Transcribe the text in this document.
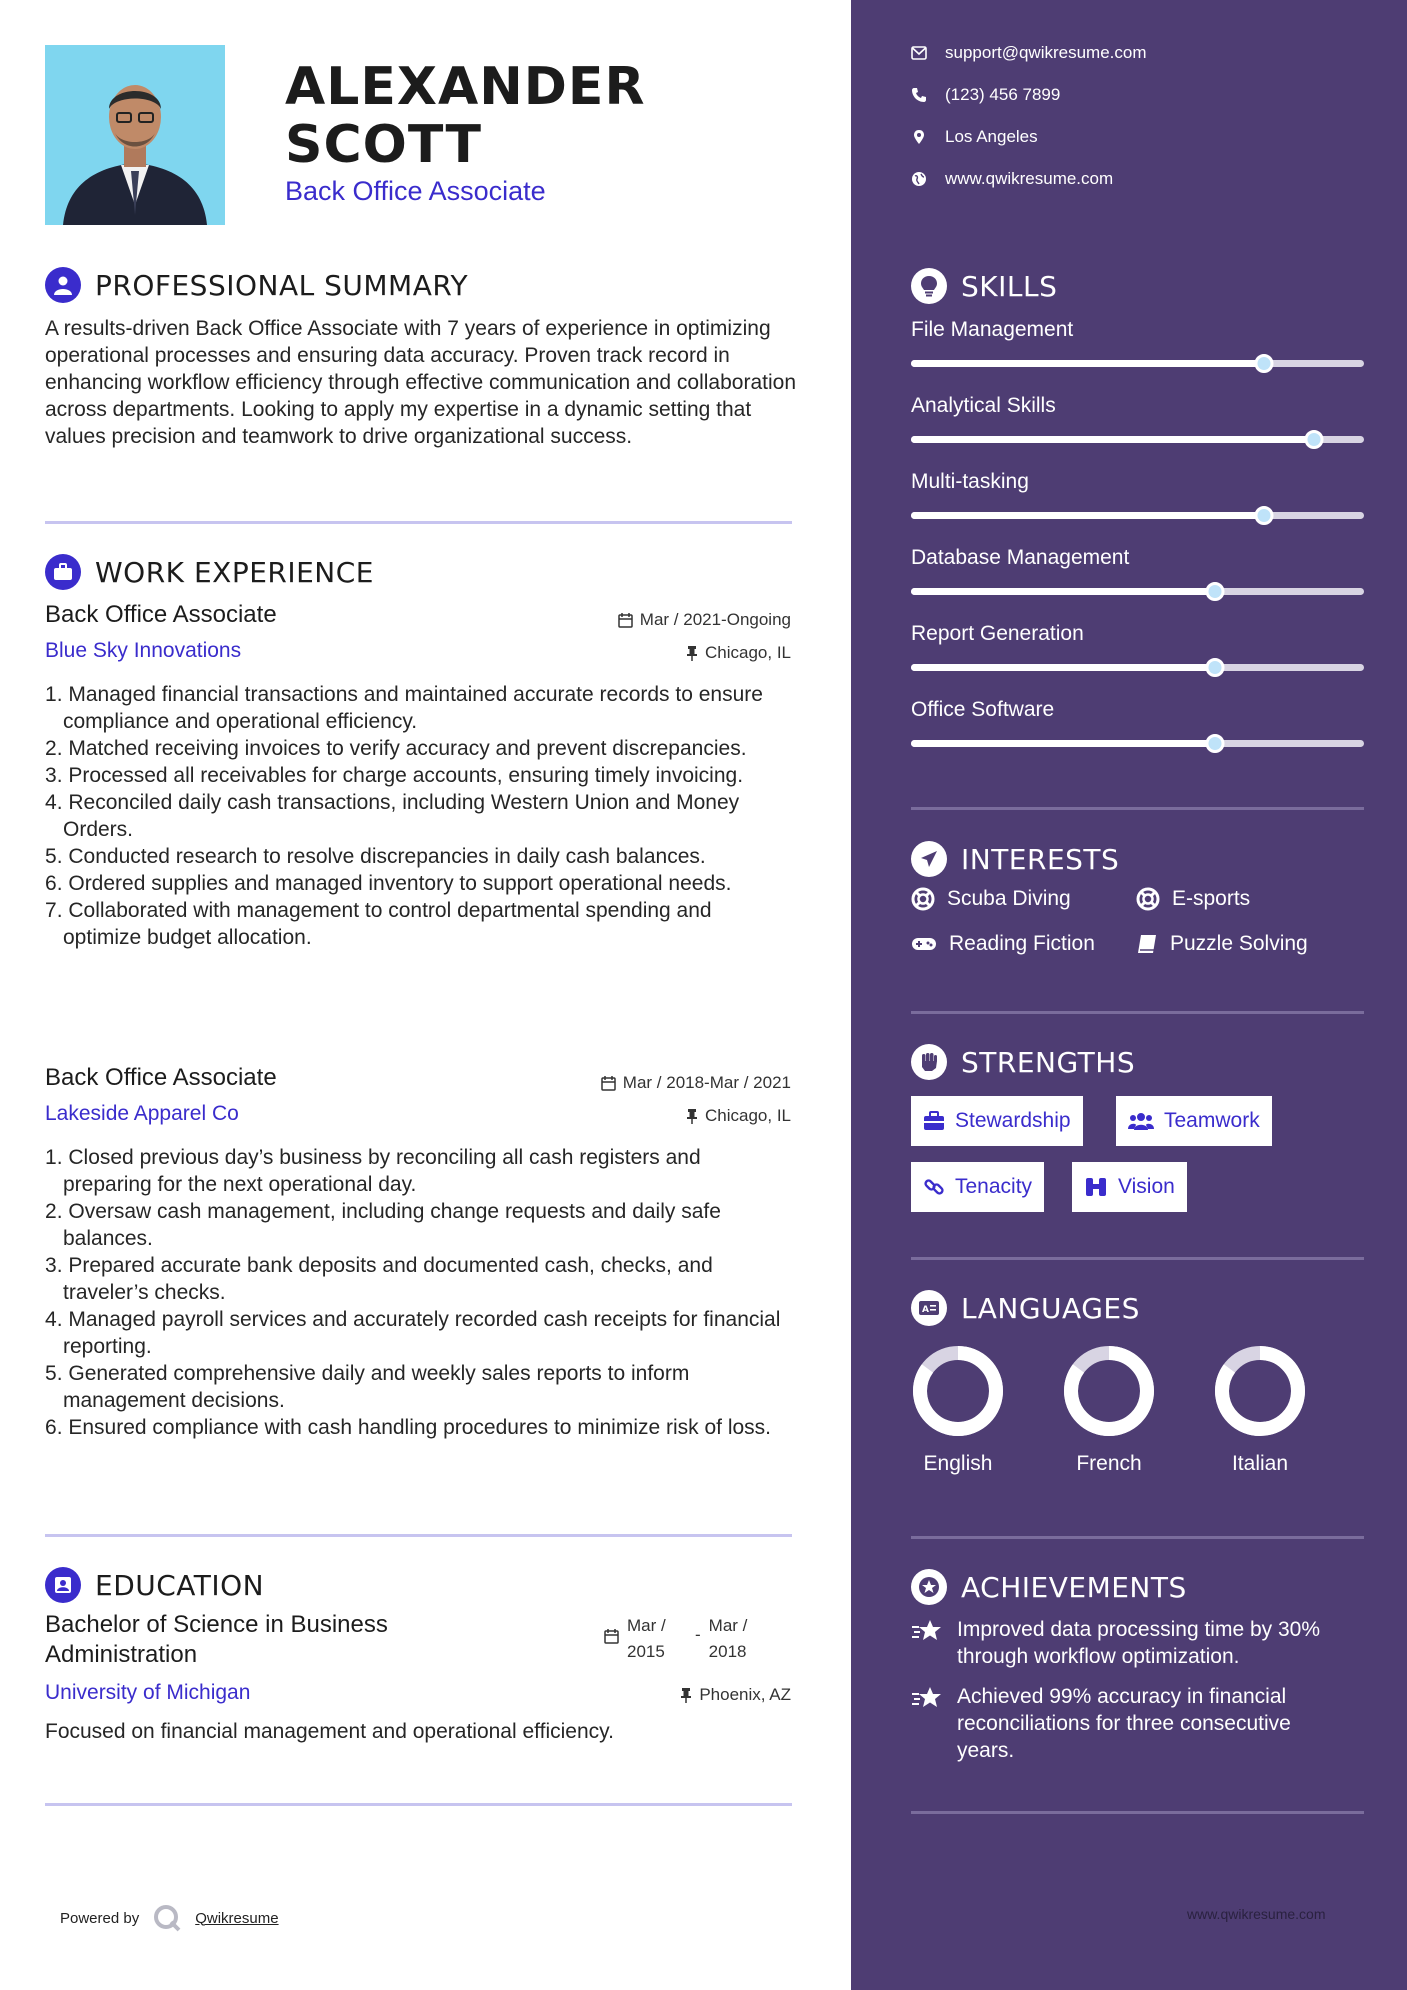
ALEXANDER
SCOTT
Back Office Associate
PROFESSIONAL SUMMARY
A results-driven Back Office Associate with 7 years of experience in optimizing operational processes and ensuring data accuracy. Proven track record in enhancing workflow efficiency through effective communication and collaboration across departments. Looking to apply my expertise in a dynamic setting that values precision and teamwork to drive organizational success.
WORK EXPERIENCE
Back Office Associate	Mar / 2021-Ongoing
Blue Sky Innovations	Chicago, IL
Managed financial transactions and maintained accurate records to ensure compliance and operational efficiency.
Matched receiving invoices to verify accuracy and prevent discrepancies.
Processed all receivables for charge accounts, ensuring timely invoicing.
Reconciled daily cash transactions, including Western Union and Money Orders.
Conducted research to resolve discrepancies in daily cash balances.
Ordered supplies and managed inventory to support operational needs.
Collaborated with management to control departmental spending and optimize budget allocation.
Back Office Associate	Mar / 2018-Mar / 2021
Lakeside Apparel Co	Chicago, IL
Closed previous day’s business by reconciling all cash registers and preparing for the next operational day.
Oversaw cash management, including change requests and daily safe balances.
Prepared accurate bank deposits and documented cash, checks, and traveler’s checks.
Managed payroll services and accurately recorded cash receipts for financial reporting.
Generated comprehensive daily and weekly sales reports to inform management decisions.
Ensured compliance with cash handling procedures to minimize risk of loss.
EDUCATION
Bachelor of Science in Business Administration
Mar / 2015
- Mar / 2018
University of Michigan	Phoenix, AZ
Focused on financial management and operational efficiency.
Powered by	Qwikresume
support@qwikresume.com
(123) 456 7899
Los Angeles
www.qwikresume.com
SKILLS
File Management
Analytical Skills
Multi-tasking
Database Management
Report Generation
Office Software
INTERESTS
Scuba Diving	E-sports
Reading Fiction	Puzzle Solving
STRENGTHS
Stewardship	Teamwork
Tenacity	Vision
A LANGUAGES
English	French	Italian
ACHIEVEMENTS
Improved data processing time by 30% through workflow optimization.
Achieved 99% accuracy in financial reconciliations for three consecutive years.
www.qwikresume.com
